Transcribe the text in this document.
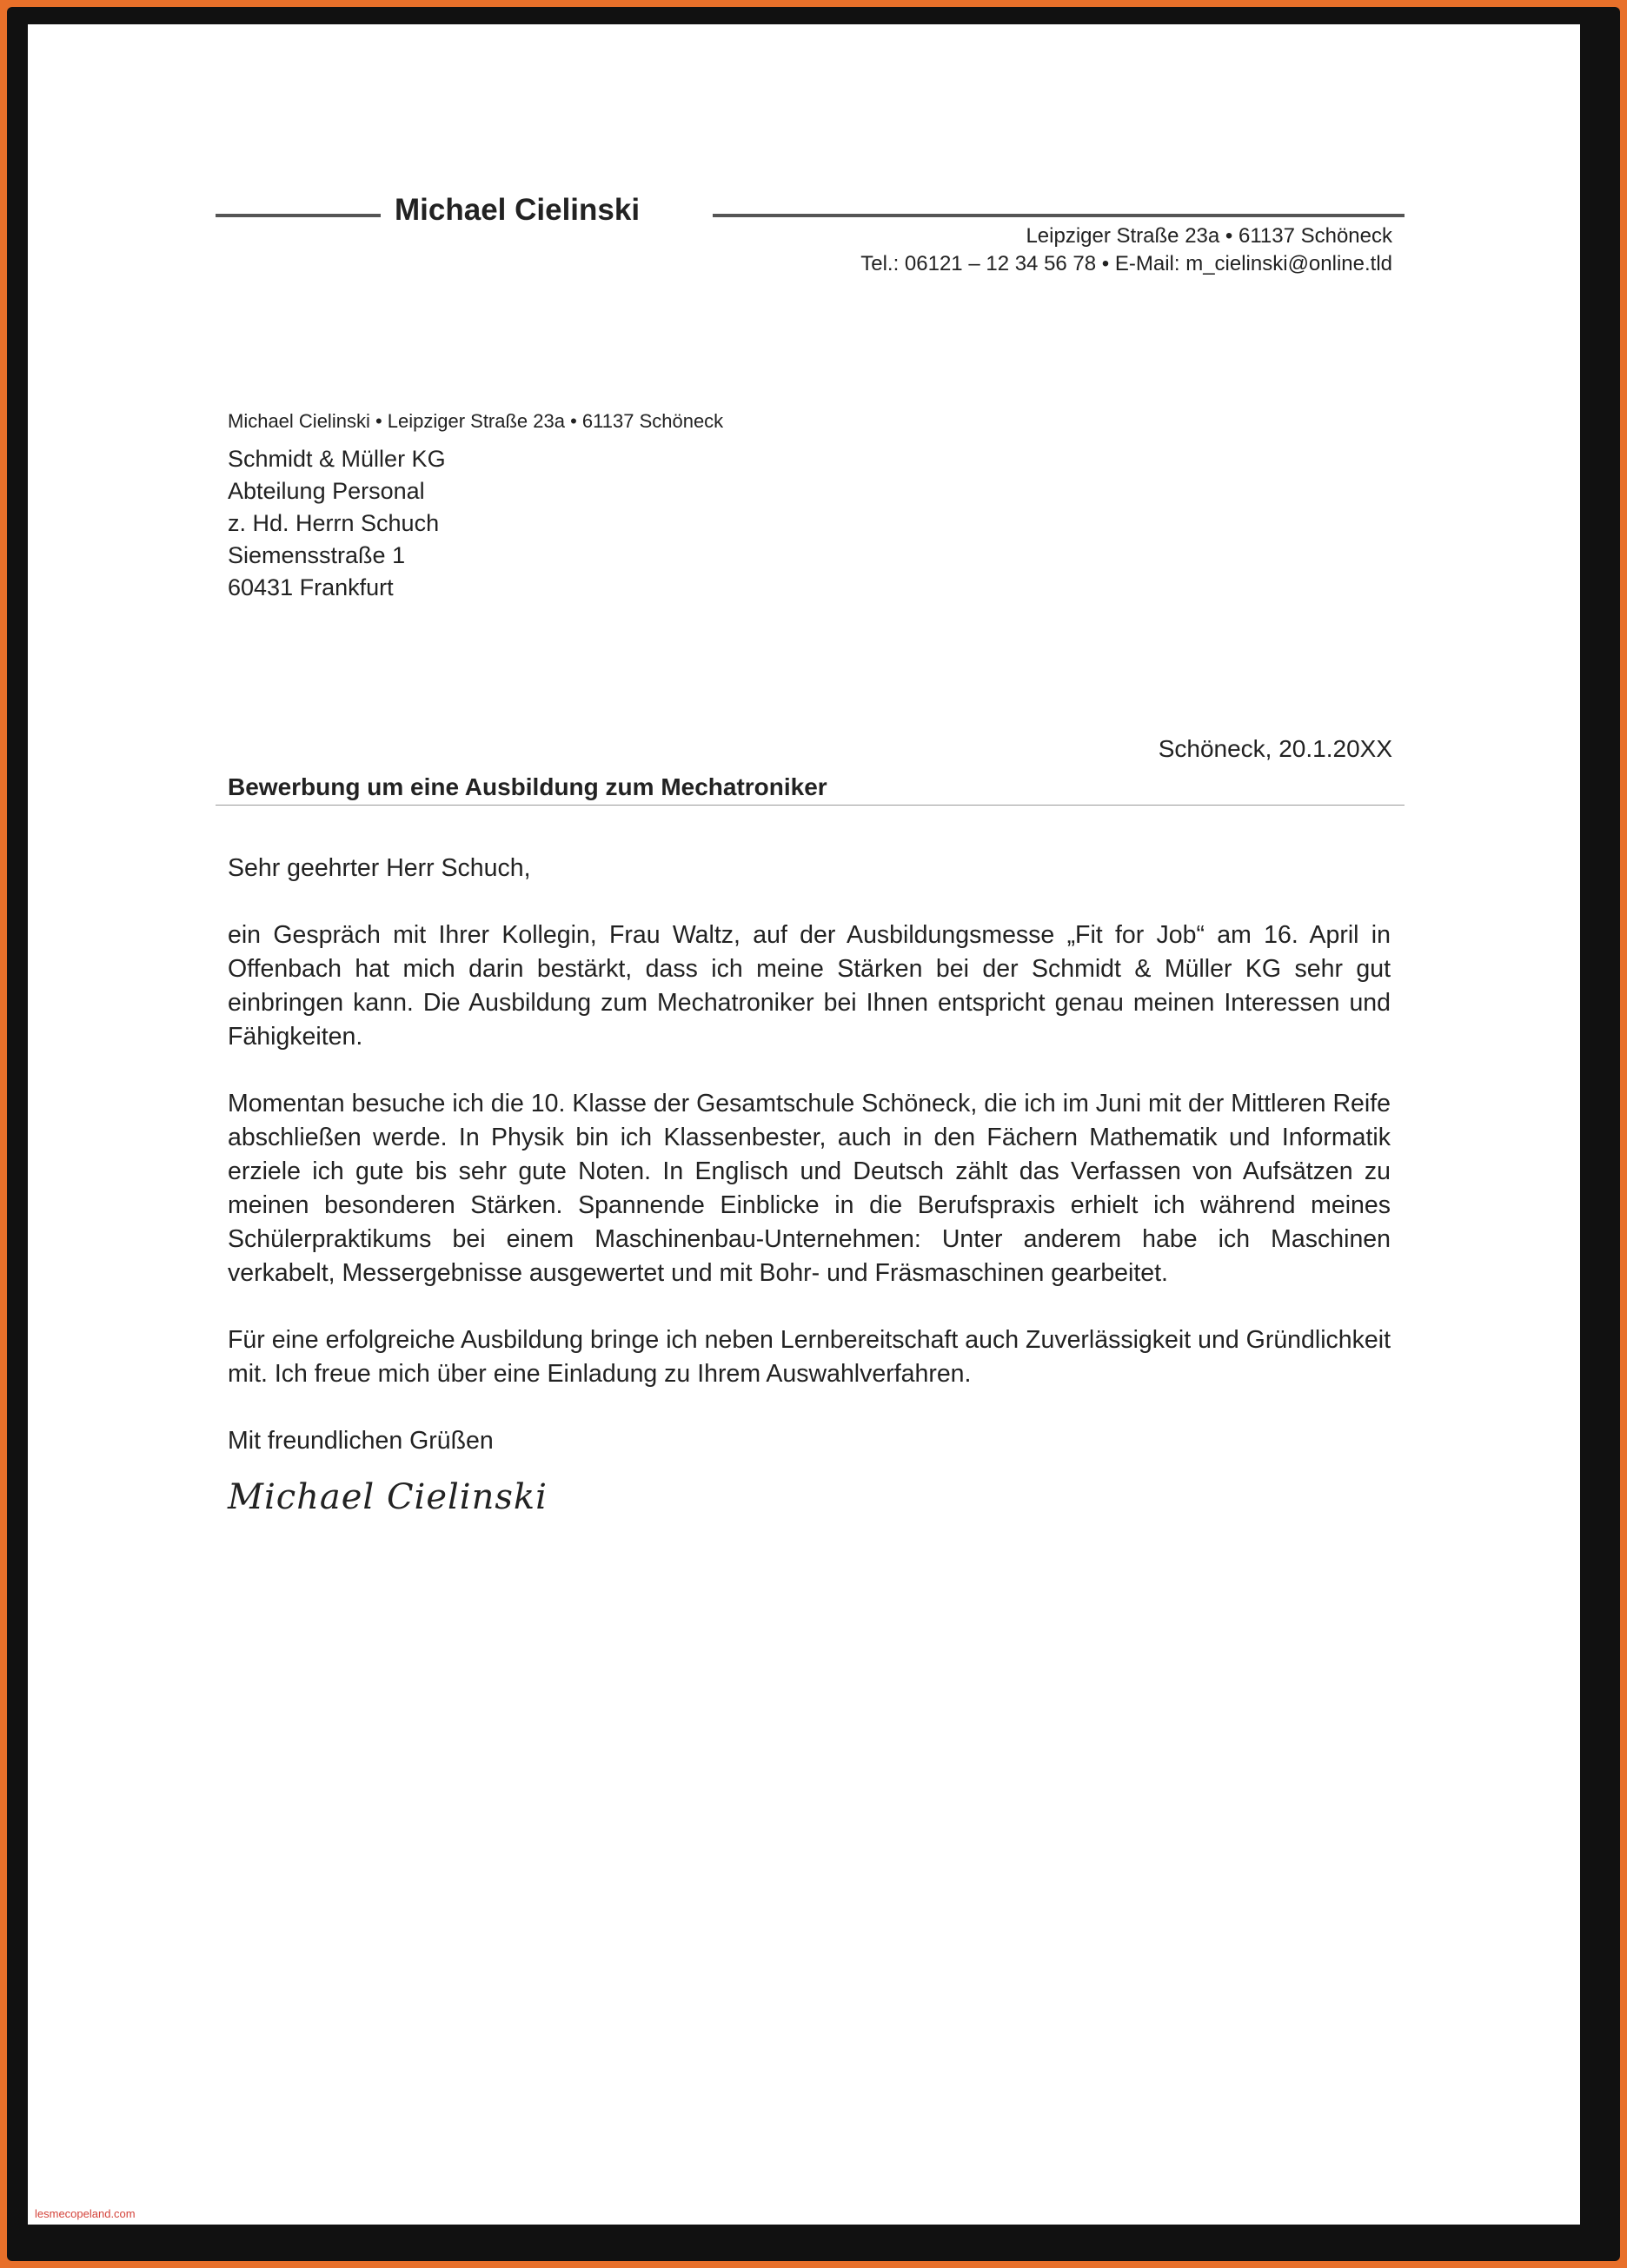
Michael Cielinski
Leipziger Straße 23a • 61137 Schöneck
Tel.: 06121 – 12 34 56 78 • E-Mail: m_cielinski@online.tld
Michael Cielinski • Leipziger Straße 23a • 61137 Schöneck
Schmidt & Müller KG
Abteilung Personal
z. Hd. Herrn Schuch
Siemensstraße 1
60431 Frankfurt
Schöneck, 20.1.20XX
Bewerbung um eine Ausbildung zum Mechatroniker

Sehr geehrter Herr Schuch,

ein Gespräch mit Ihrer Kollegin, Frau Waltz, auf der Ausbildungsmesse „Fit for Job“ am 16. April in Offenbach hat mich darin bestärkt, dass ich meine Stärken bei der Schmidt & Müller KG sehr gut einbringen kann. Die Ausbildung zum Mechatroniker bei Ihnen entspricht genau meinen Interessen und Fähigkeiten.

Momentan besuche ich die 10. Klasse der Gesamtschule Schöneck, die ich im Juni mit der Mittleren Reife abschließen werde. In Physik bin ich Klassenbester, auch in den Fächern Mathematik und Informatik erziele ich gute bis sehr gute Noten. In Englisch und Deutsch zählt das Verfassen von Aufsätzen zu meinen besonderen Stärken. Spannende Einblicke in die Berufspraxis erhielt ich während meines Schülerpraktikums bei einem Maschinenbau-Unternehmen: Unter anderem habe ich Maschinen verkabelt, Messergebnisse ausgewertet und mit Bohr- und Fräsmaschinen gearbeitet.

Für eine erfolgreiche Ausbildung bringe ich neben Lernbereitschaft auch Zuverlässigkeit und Gründlichkeit mit. Ich freue mich über eine Einladung zu Ihrem Auswahlverfahren.

Mit freundlichen Grüßen

Michael Cielinski
lesmecopeland.com
